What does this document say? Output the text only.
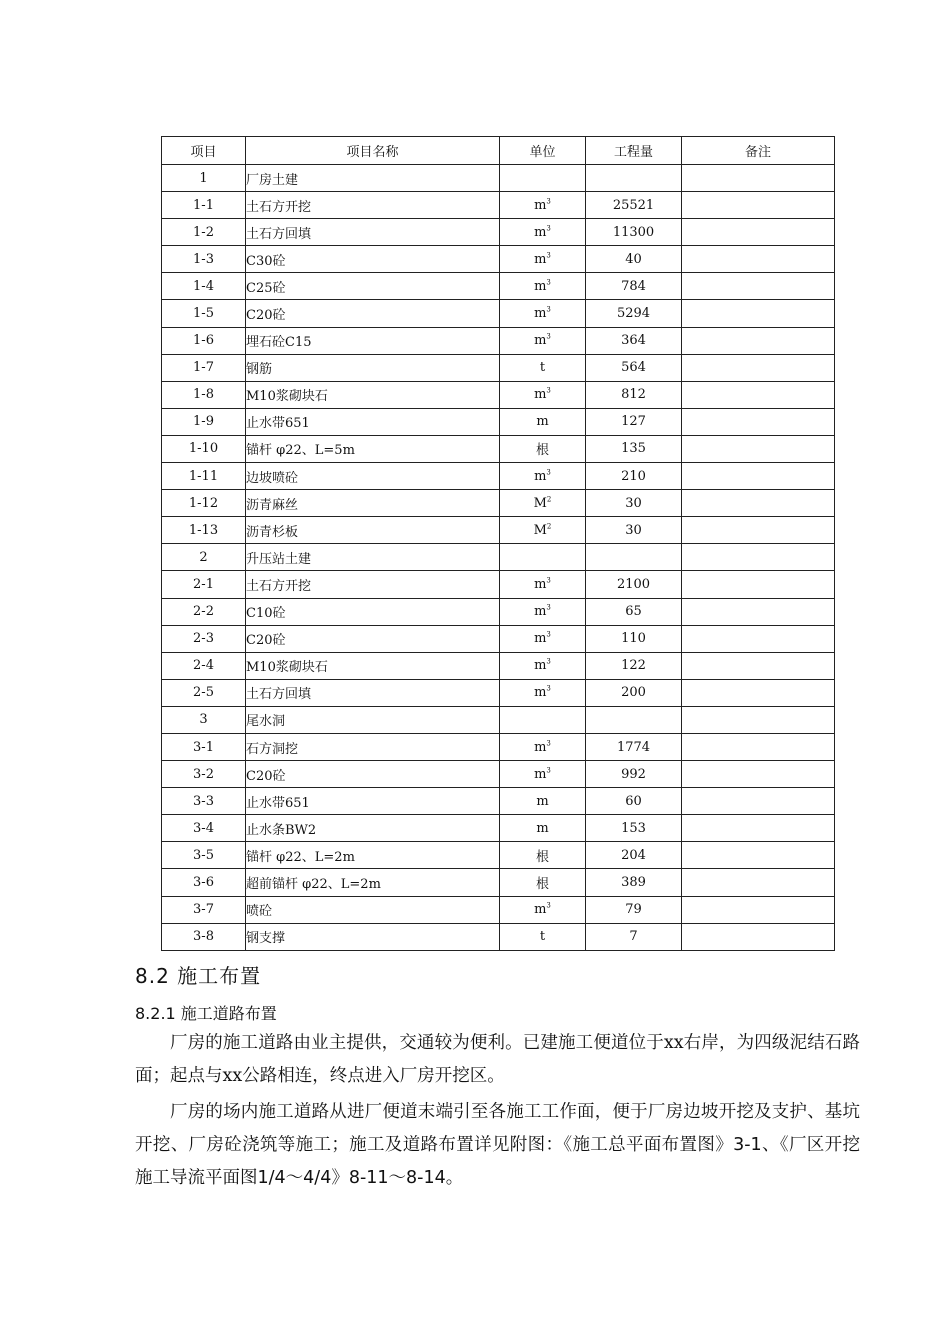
项目	项目名称	单位	工程量	备注
1	厂房土建			
1-1	土石方开挖	$m^3$	25521	
1-2	土石方回填	$m^3$	11300	
1-3	C30砼	$m^3$	40	
1-4	C25砼	$m^3$	784	
1-5	C20砼	$m^3$	5294	
1-6	埋石砼C15	$m^3$	364	
1-7	钢筋	t	564	
1-8	M10浆砌块石	$m^3$	812	
1-9	止水带651	m	127	
1-10	锚杆 φ22、L=5m	根	135	
1-11	边坡喷砼	$m^3$	210	
1-12	沥青麻丝	$M^2$	30	
1-13	沥青杉板	$M^2$	30	
2	升压站土建			
2-1	土石方开挖	$m^3$	2100	
2-2	C10砼	$m^3$	65	
2-3	C20砼	$m^3$	110	
2-4	M10浆砌块石	$m^3$	122	
2-5	土石方回填	$m^3$	200	
3	尾水洞			
3-1	石方洞挖	$m^3$	1774	
3-2	C20砼	$m^3$	992	
3-3	止水带651	m	60	
3-4	止水条BW2	m	153	
3-5	锚杆 φ22、L=2m	根	204	
3-6	超前锚杆 φ22、L=2m	根	389	
3-7	喷砼	$m^3$	79	
3-8	钢支撑	t	7	
8.2 施工布置
8.2.1 施工道路布置
厂房的施工道路由业主提供，交通较为便利。已建施工便道位于xx右岸，为四级泥结石路面；起点与xx公路相连，终点进入厂房开挖区。
厂房的场内施工道路从进厂便道末端引至各施工工作面，便于厂房边坡开挖及支护、基坑开挖、厂房砼浇筑等施工；施工及道路布置详见附图：《施工总平面布置图》3-1、《厂区开挖施工导流平面图1/4～4/4》8-11～8-14。
